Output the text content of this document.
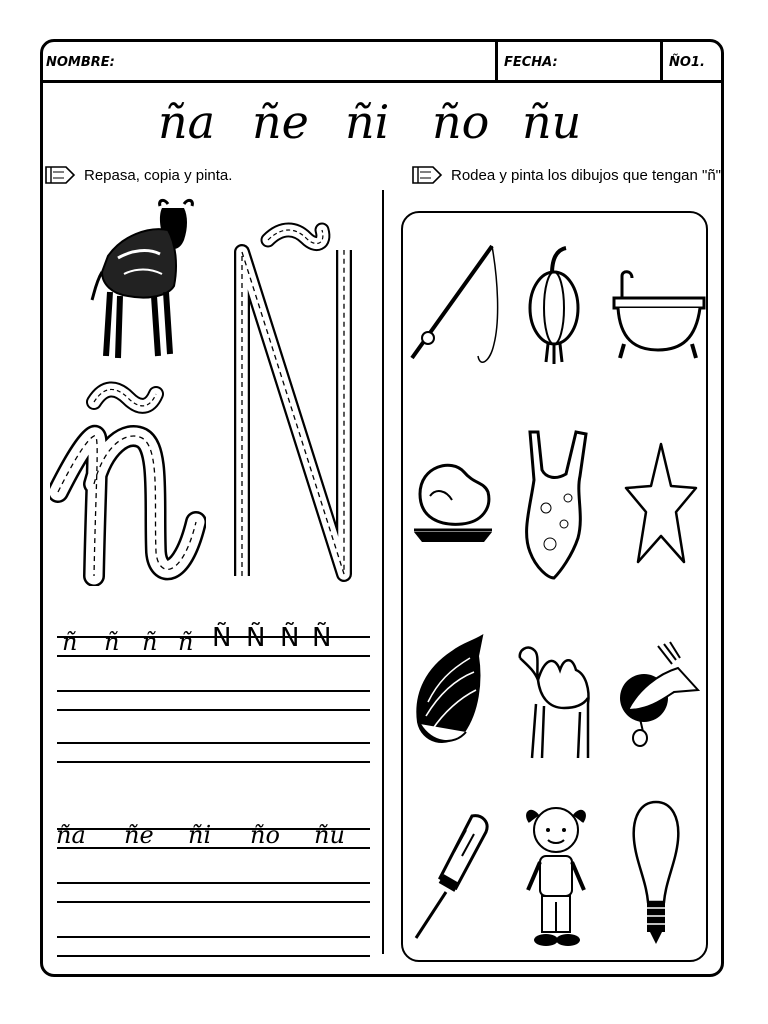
NOMBRE:	FECHA:	ÑO1.
ña ñe ñi ño ñu
Repasa, copia y pinta.	Rodea y pinta los dibujos que tengan "ñ".
ñ
Ñ
ñ ñ ñ ñ Ñ Ñ Ñ Ñ
ña ñe ñi ño ñu
